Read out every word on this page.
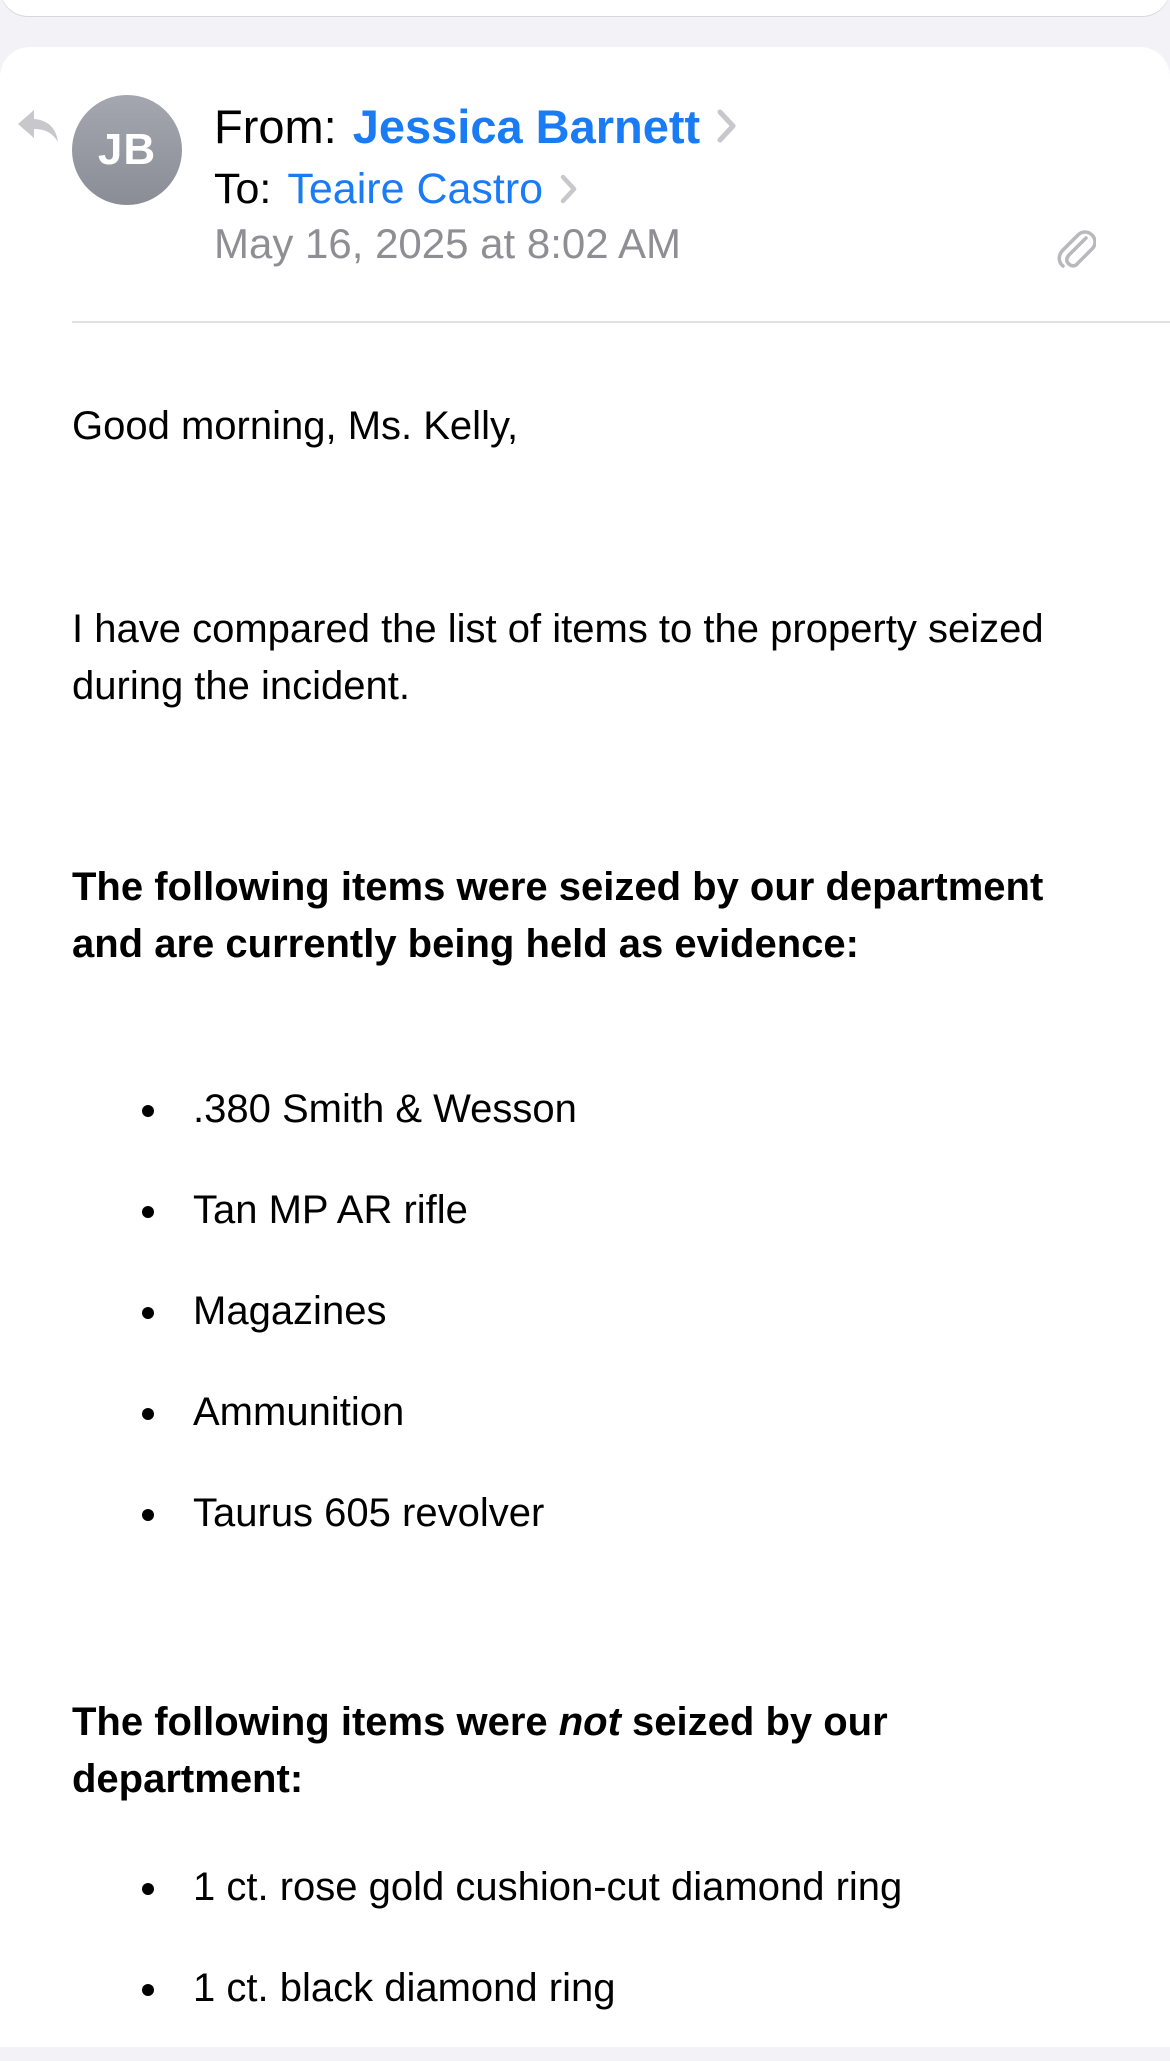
JB From: Jessica Barnett
To: Teaire Castro
May 16, 2025 at 8:02 AM

Good morning, Ms. Kelly,

I have compared the list of items to the property seized during the incident.

The following items were seized by our department and are currently being held as evidence:

.380 Smith & Wesson
Tan MP AR rifle
Magazines
Ammunition
Taurus 605 revolver

The following items were not seized by our department:

1 ct. rose gold cushion-cut diamond ring
1 ct. black diamond ring
